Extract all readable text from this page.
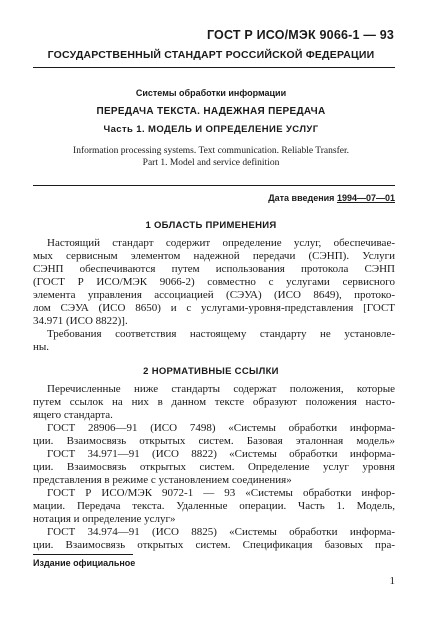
ГОСТ Р ИСО/МЭК 9066-1 — 93
ГОСУДАРСТВЕННЫЙ СТАНДАРТ РОССИЙСКОЙ ФЕДЕРАЦИИ
Системы обработки информации
ПЕРЕДАЧА ТЕКСТА. НАДЕЖНАЯ ПЕРЕДАЧА
Часть 1. МОДЕЛЬ И ОПРЕДЕЛЕНИЕ УСЛУГ
Information processing systems. Text communication. Reliable Transfer.
Part 1. Model and service definition
Дата введения 1994—07—01
1 ОБЛАСТЬ ПРИМЕНЕНИЯ
Настоящий стандарт содержит определение услуг, обеспечивае-
мых сервисным элементом надежной передачи (СЭНП). Услуги
СЭНП обеспечиваются путем использования протокола СЭНП
(ГОСТ Р ИСО/МЭК 9066-2) совместно с услугами сервисного
элемента управления ассоциацией (СЭУА) (ИСО 8649), протоко-
лом СЭУА (ИСО 8650) и с услугами-уровня-представления [ГОСТ
34.971 (ИСО 8822)].
Требования соответствия настоящему стандарту не установле-
ны.
2 НОРМАТИВНЫЕ ССЫЛКИ
Перечисленные ниже стандарты содержат положения, которые
путем ссылок на них в данном тексте образуют положения насто-
ящего стандарта.
ГОСТ 28906—91 (ИСО 7498) «Системы обработки информа-
ции. Взаимосвязь открытых систем. Базовая эталонная модель»
ГОСТ 34.971—91 (ИСО 8822) «Системы обработки информа-
ции. Взаимосвязь открытых систем. Определение услуг уровня
представления в режиме с установлением соединения»
ГОСТ Р ИСО/МЭК 9072-1 — 93 «Системы обработки инфор-
мации. Передача текста. Удаленные операции. Часть 1. Модель,
нотация и определение услуг»
ГОСТ 34.974—91 (ИСО 8825) «Системы обработки информа-
ции. Взаимосвязь открытых систем. Спецификация базовых пра-
Издание официальное
1
